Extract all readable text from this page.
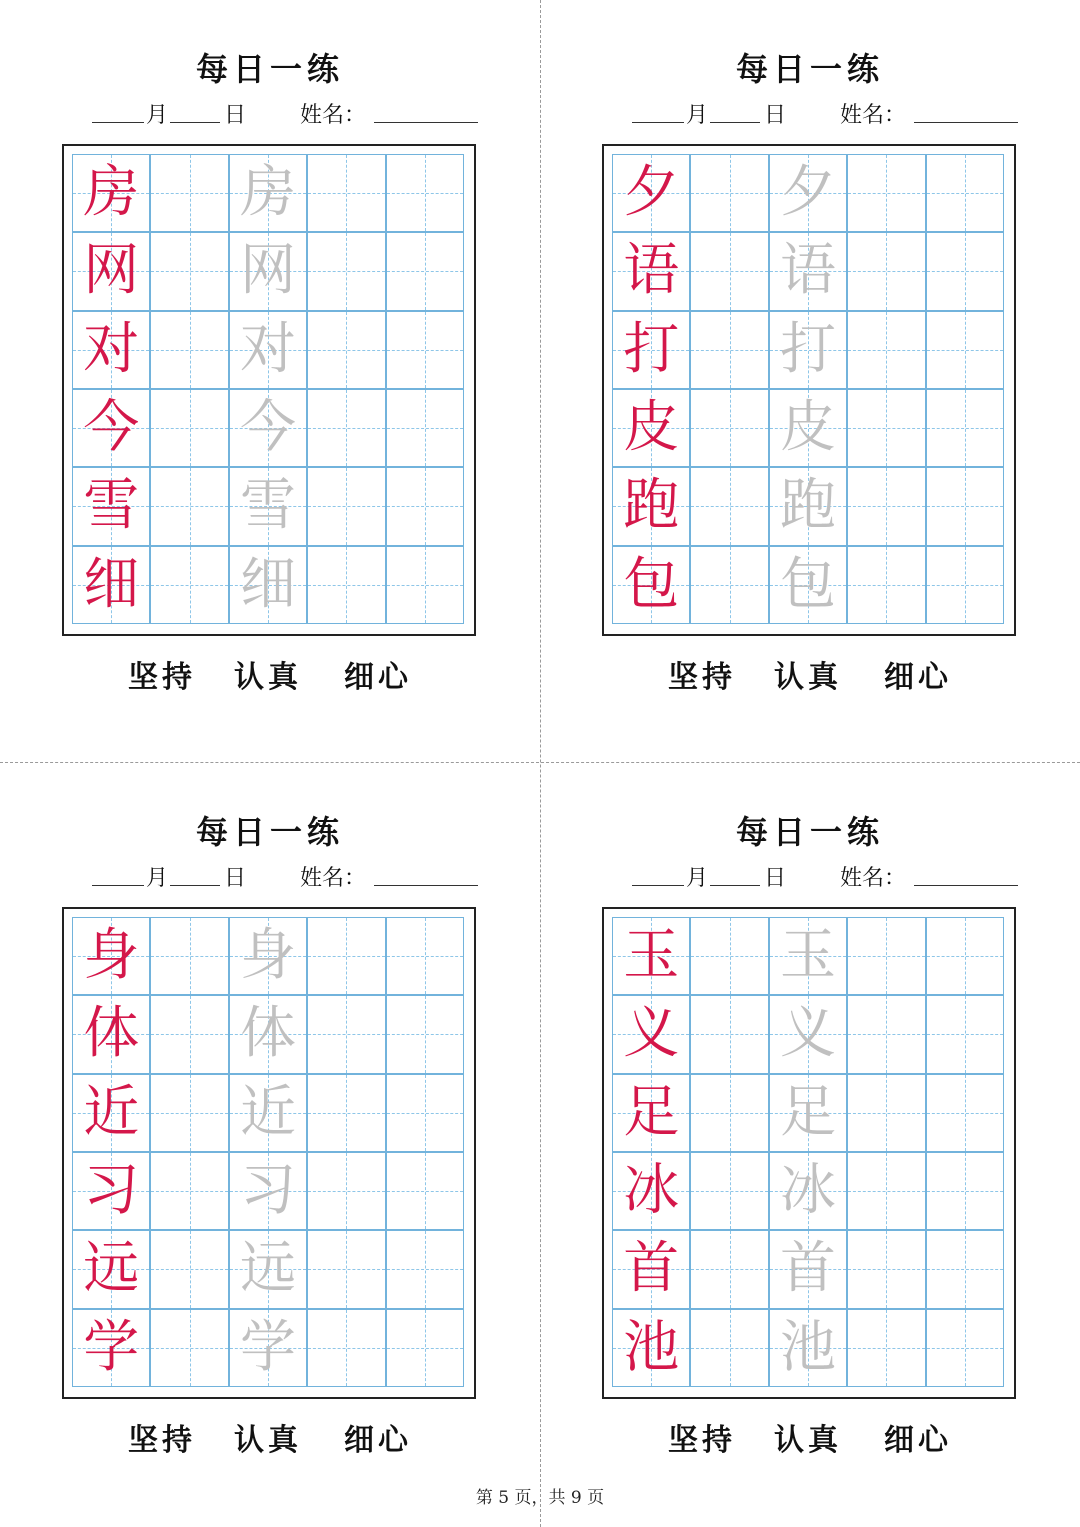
每日一练
月	日 姓名：
坚持 认真 细心
房 房
网 网
对 对
今 今
雪 雪
细 细
每日一练
月	日 姓名：
坚持 认真 细心
夕 夕
语 语
打 打
皮 皮
跑 跑
包 包
每日一练
月	日 姓名：
坚持 认真 细心
身 身
体 体
近 近
习 习
远 远
学 学
每日一练
月	日 姓名：
坚持 认真 细心
玉 玉
义 义
足 足
冰 冰
首 首
池 池
第 5 页，共 9 页
